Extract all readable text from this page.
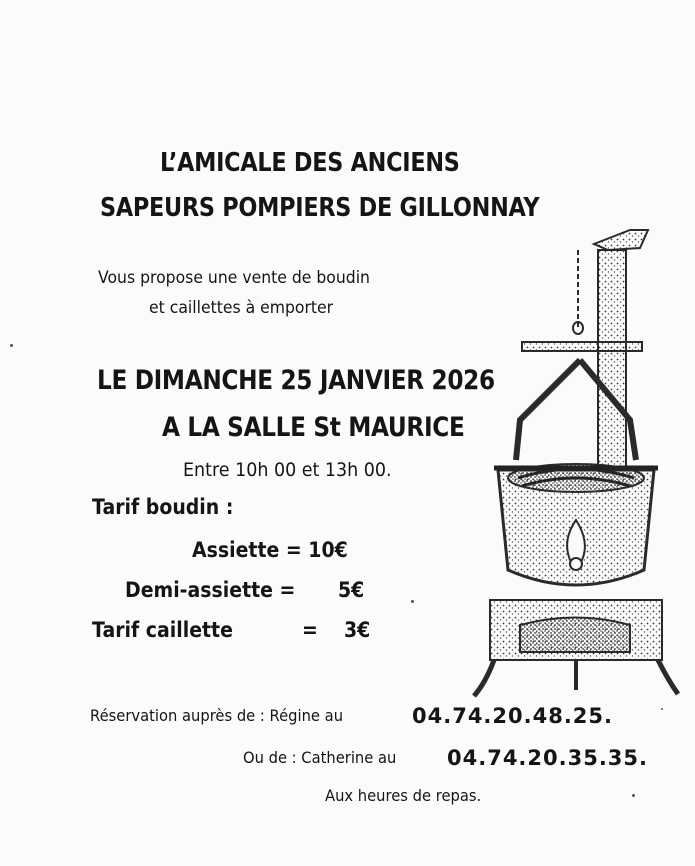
L’AMICALE DES ANCIENS
SAPEURS POMPIERS DE GILLONNAY
Vous propose une vente de boudin
et caillettes à emporter
LE DIMANCHE 25 JANVIER 2026
A LA SALLE St MAURICE
Entre 10h 00 et 13h 00.
Tarif boudin :
Assiette = 10€
Demi-assiette = 5€
Tarif caillette	= 3€
Réservation auprès de : Régine au	04.74.20.48.25.
Ou de : Catherine au 04.74.20.35.35.
Aux heures de repas.
